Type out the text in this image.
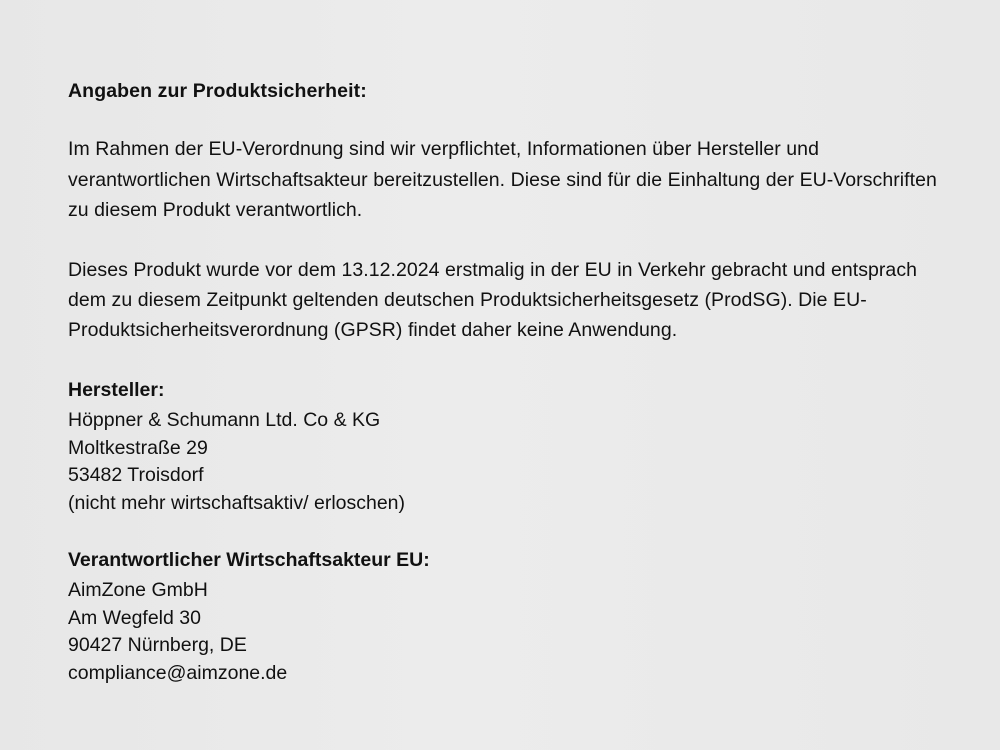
Angaben zur Produktsicherheit:

Im Rahmen der EU-Verordnung sind wir verpflichtet, Informationen über Hersteller und verantwortlichen Wirtschaftsakteur bereitzustellen. Diese sind für die Einhaltung der EU-Vorschriften zu diesem Produkt verantwortlich.

Dieses Produkt wurde vor dem 13.12.2024 erstmalig in der EU in Verkehr gebracht und entsprach dem zu diesem Zeitpunkt geltenden deutschen Produktsicherheitsgesetz (ProdSG). Die EU-Produktsicherheitsverordnung (GPSR) findet daher keine Anwendung.

Hersteller:
Höppner & Schumann Ltd. Co & KG
Moltkestraße 29
53482 Troisdorf
(nicht mehr wirtschaftsaktiv/ erloschen)
Verantwortlicher Wirtschaftsakteur EU:
AimZone GmbH
Am Wegfeld 30
90427 Nürnberg, DE
compliance@aimzone.de
